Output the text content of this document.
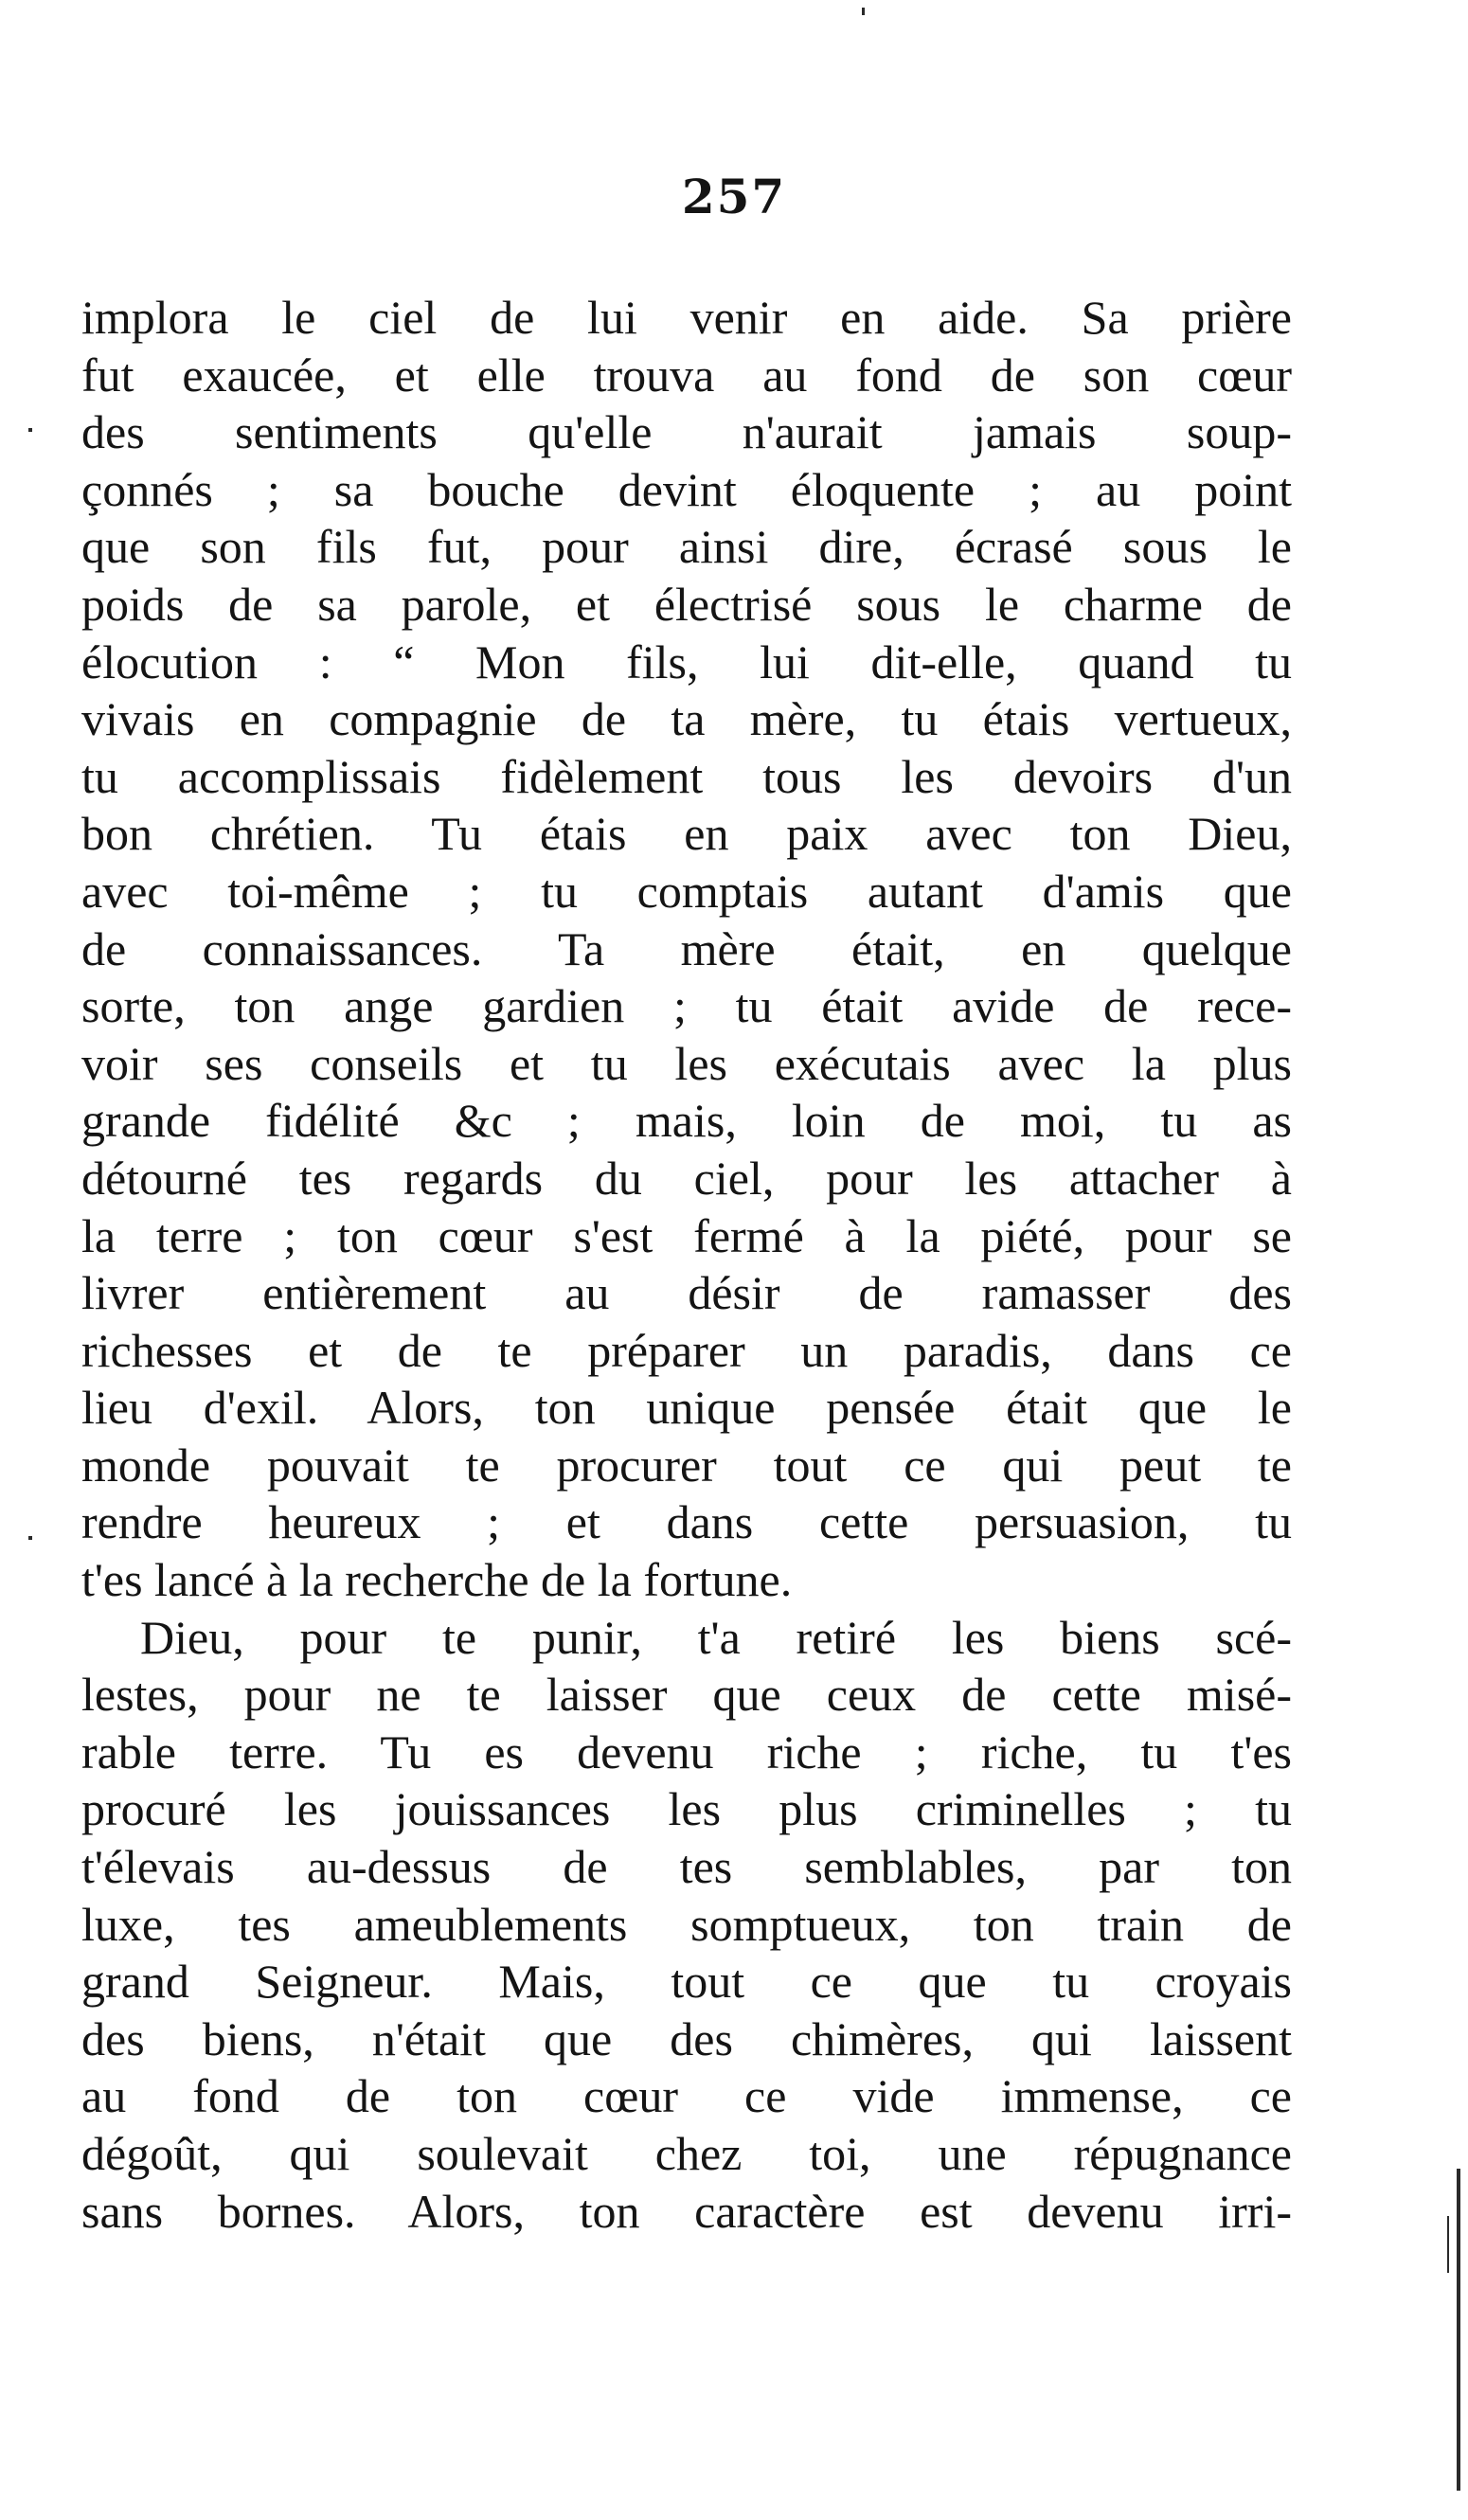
257
implora le ciel de lui venir en aide. Sa prière
fut exaucée, et elle trouva au fond de son cœur
des sentiments qu'elle n'aurait jamais soup-
çonnés ; sa bouche devint éloquente ; au point
que son fils fut, pour ainsi dire, écrasé sous le
poids de sa parole, et électrisé sous le charme de
élocution : “ Mon fils, lui dit-elle, quand tu
vivais en compagnie de ta mère, tu étais vertueux,
tu accomplissais fidèlement tous les devoirs d'un
bon chrétien. Tu étais en paix avec ton Dieu,
avec toi-même ; tu comptais autant d'amis que
de connaissances. Ta mère était, en quelque
sorte, ton ange gardien ; tu était avide de rece-
voir ses conseils et tu les exécutais avec la plus
grande fidélité &c ; mais, loin de moi, tu as
détourné tes regards du ciel, pour les attacher à
la terre ; ton cœur s'est fermé à la piété, pour se
livrer entièrement au désir de ramasser des
richesses et de te préparer un paradis, dans ce
lieu d'exil. Alors, ton unique pensée était que le
monde pouvait te procurer tout ce qui peut te
rendre heureux ; et dans cette persuasion, tu
t'es lancé à la recherche de la fortune.
Dieu, pour te punir, t'a retiré les biens scé-
lestes, pour ne te laisser que ceux de cette misé-
rable terre. Tu es devenu riche ; riche, tu t'es
procuré les jouissances les plus criminelles ; tu
t'élevais au-dessus de tes semblables, par ton
luxe, tes ameublements somptueux, ton train de
grand Seigneur. Mais, tout ce que tu croyais
des biens, n'était que des chimères, qui laissent
au fond de ton cœur ce vide immense, ce
dégoût, qui soulevait chez toi, une répugnance
sans bornes. Alors, ton caractère est devenu irri-
